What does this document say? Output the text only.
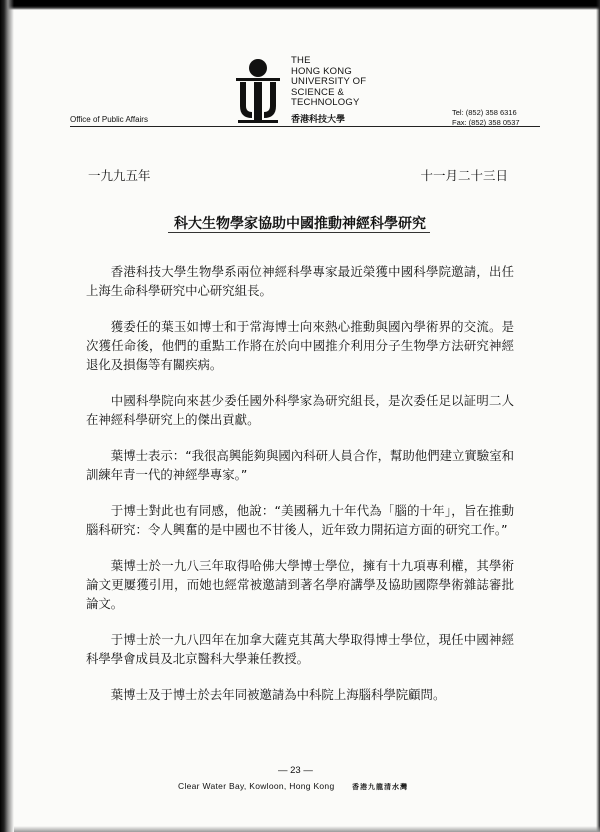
THE
HONG KONG
UNIVERSITY OF
SCIENCE &
TECHNOLOGY
香港科技大學
Office of Public Affairs
Tel: (852) 358 6316
Fax: (852) 358 0537
一九九五年	十一月二十三日
科大生物學家協助中國推動神經科學研究

香港科技大學生物學系兩位神經科學專家最近榮獲中國科學院邀請，出任上海生命科學研究中心研究組長。

獲委任的葉玉如博士和于常海博士向來熱心推動與國內學術界的交流。是次獲任命後，他們的重點工作將在於向中國推介利用分子生物學方法研究神經退化及損傷等有關疾病。

中國科學院向來甚少委任國外科學家為研究組長，是次委任足以証明二人在神經科學研究上的傑出貢獻。

葉博士表示：“我很高興能夠與國內科研人員合作，幫助他們建立實驗室和訓練年青一代的神經學專家。”

于博士對此也有同感，他說：“美國稱九十年代為「腦的十年」，旨在推動腦科研究：令人興奮的是中國也不甘後人，近年致力開拓這方面的研究工作。”

葉博士於一九八三年取得哈佛大學博士學位，擁有十九項專利權，其學術論文更屢獲引用，而她也經常被邀請到著名學府講學及協助國際學術雜誌審批論文。

于博士於一九八四年在加拿大薩克其萬大學取得博士學位，現任中國神經科學學會成員及北京醫科大學兼任教授。

葉博士及于博士於去年同被邀請為中科院上海腦科學院顧問。

— 23 —
Clear Water Bay, Kowloon, Hong Kong	香港九龍清水灣
